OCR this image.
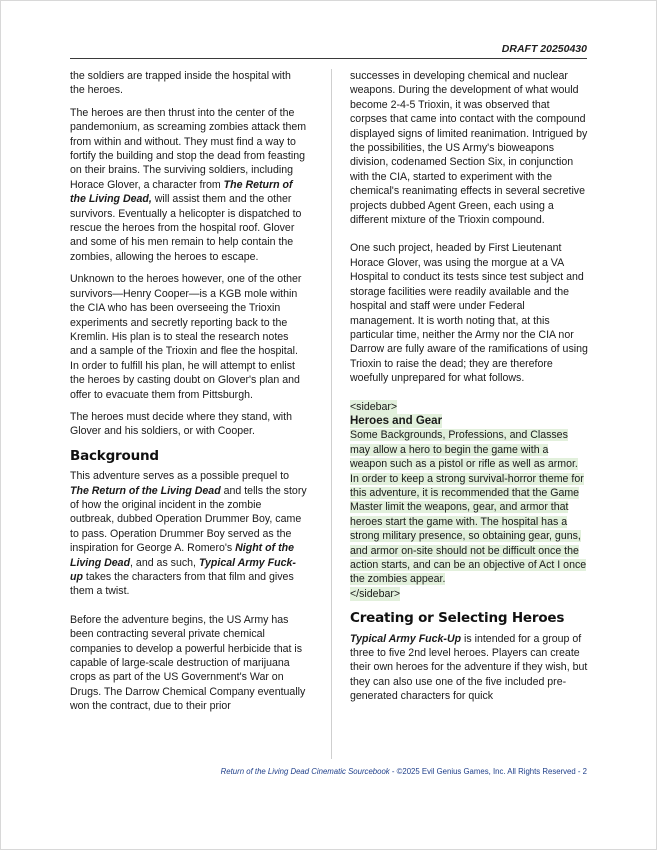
DRAFT 20250430

the soldiers are trapped inside the hospital with the heroes.

The heroes are then thrust into the center of the pandemonium, as screaming zombies attack them from within and without. They must find a way to fortify the building and stop the dead from feasting on their brains. The surviving soldiers, including Horace Glover, a character from The Return of the Living Dead, will assist them and the other survivors. Eventually a helicopter is dispatched to rescue the heroes from the hospital roof. Glover and some of his men remain to help contain the zombies, allowing the heroes to escape.

Unknown to the heroes however, one of the other survivors—Henry Cooper—is a KGB mole within the CIA who has been overseeing the Trioxin experiments and secretly reporting back to the Kremlin. His plan is to steal the research notes and a sample of the Trioxin and flee the hospital. In order to fulfill his plan, he will attempt to enlist the heroes by casting doubt on Glover's plan and offer to evacuate them from Pittsburgh.

The heroes must decide where they stand, with Glover and his soldiers, or with Cooper.

Background

This adventure serves as a possible prequel to The Return of the Living Dead and tells the story of how the original incident in the zombie outbreak, dubbed Operation Drummer Boy, came to pass. Operation Drummer Boy served as the inspiration for George A. Romero's Night of the Living Dead, and as such, Typical Army Fuck-up takes the characters from that film and gives them a twist.

Before the adventure begins, the US Army has been contracting several private chemical companies to develop a powerful herbicide that is capable of large-scale destruction of marijuana crops as part of the US Government's War on Drugs. The Darrow Chemical Company eventually won the contract, due to their prior

successes in developing chemical and nuclear weapons. During the development of what would become 2-4-5 Trioxin, it was observed that corpses that came into contact with the compound displayed signs of limited reanimation. Intrigued by the possibilities, the US Army's bioweapons division, codenamed Section Six, in conjunction with the CIA, started to experiment with the chemical's reanimating effects in several secretive projects dubbed Agent Green, each using a different mixture of the Trioxin compound.

One such project, headed by First Lieutenant Horace Glover, was using the morgue at a VA Hospital to conduct its tests since test subject and storage facilities were readily available and the hospital and staff were under Federal management. It is worth noting that, at this particular time, neither the Army nor the CIA nor Darrow are fully aware of the ramifications of using Trioxin to raise the dead; they are therefore woefully unprepared for what follows.

<sidebar>
Heroes and Gear
Some Backgrounds, Professions, and Classes may allow a hero to begin the game with a weapon such as a pistol or rifle as well as armor. In order to keep a strong survival-horror theme for this adventure, it is recommended that the Game Master limit the weapons, gear, and armor that heroes start the game with. The hospital has a strong military presence, so obtaining gear, guns, and armor on-site should not be difficult once the action starts, and can be an objective of Act I once the zombies appear.
</sidebar>
Creating or Selecting Heroes

Typical Army Fuck-Up is intended for a group of three to five 2nd level heroes. Players can create their own heroes for the adventure if they wish, but they can also use one of the five included pre-generated characters for quick

Return of the Living Dead Cinematic Sourcebook - ©2025 Evil Genius Games, Inc. All Rights Reserved - 2
